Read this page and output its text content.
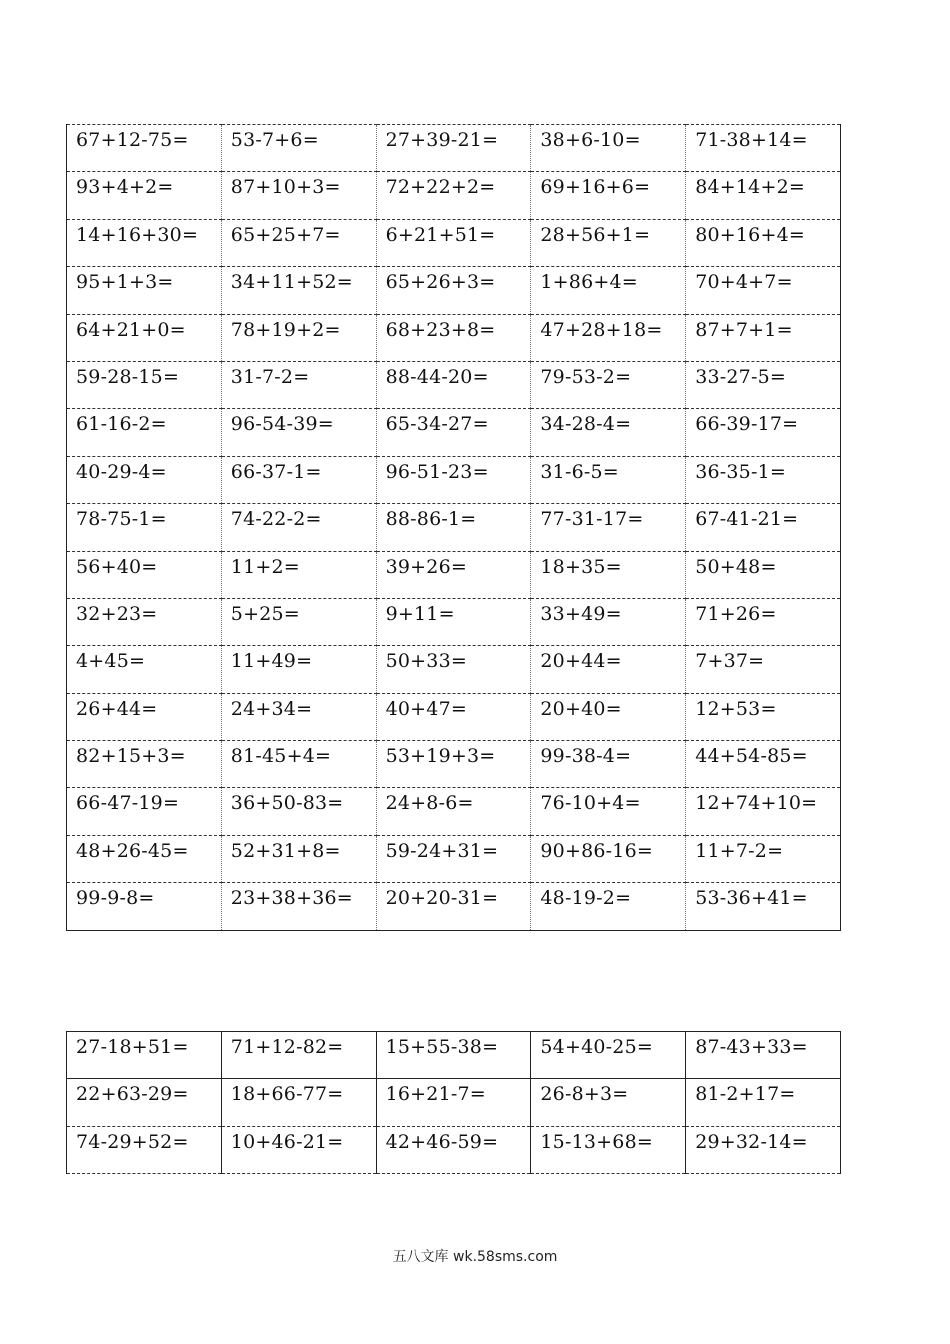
67+12-75=	53-7+6=	27+39-21=	38+6-10=	71-38+14=
93+4+2=	87+10+3=	72+22+2=	69+16+6=	84+14+2=
14+16+30=	65+25+7=	6+21+51=	28+56+1=	80+16+4=
95+1+3=	34+11+52=	65+26+3=	1+86+4=	70+4+7=
64+21+0=	78+19+2=	68+23+8=	47+28+18=	87+7+1=
59-28-15=	31-7-2=	88-44-20=	79-53-2=	33-27-5=
61-16-2=	96-54-39=	65-34-27=	34-28-4=	66-39-17=
40-29-4=	66-37-1=	96-51-23=	31-6-5=	36-35-1=
78-75-1=	74-22-2=	88-86-1=	77-31-17=	67-41-21=
56+40=	11+2=	39+26=	18+35=	50+48=
32+23=	5+25=	9+11=	33+49=	71+26=
4+45=	11+49=	50+33=	20+44=	7+37=
26+44=	24+34=	40+47=	20+40=	12+53=
82+15+3=	81-45+4=	53+19+3=	99-38-4=	44+54-85=
66-47-19=	36+50-83=	24+8-6=	76-10+4=	12+74+10=
48+26-45=	52+31+8=	59-24+31=	90+86-16=	11+7-2=
99-9-8=	23+38+36=	20+20-31=	48-19-2=	53-36+41=
27-18+51=	71+12-82=	15+55-38=	54+40-25=	87-43+33=
22+63-29=	18+66-77=	16+21-7=	26-8+3=	81-2+17=
74-29+52=	10+46-21=	42+46-59=	15-13+68=	29+32-14=
五八文库 wk.58sms.com
